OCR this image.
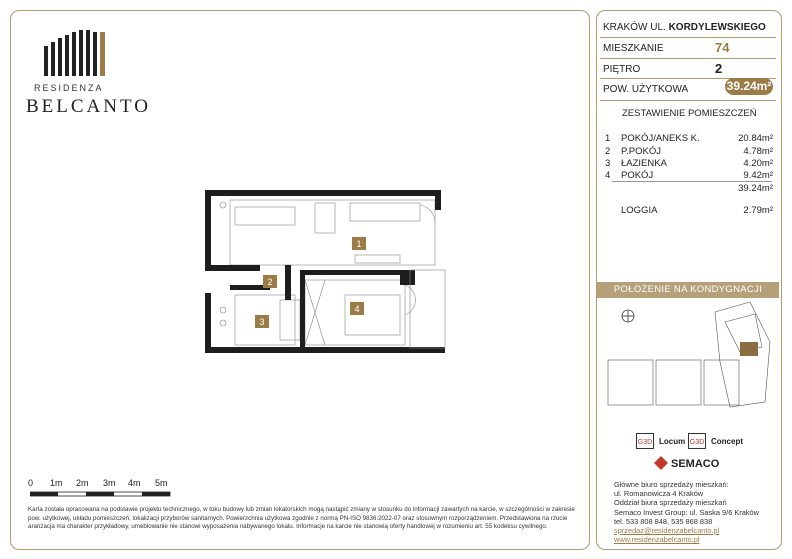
RESIDENZA
BELCANTO
1
2
3
4
0 1m 2m 3m 4m 5m
Karta została opracowana na podstawie projektu technicznego, w toku budowy lub zmian lokatorskich mogą nastąpić zmiany w stosunku do informacji zawartych na karcie, w szczególności w zakresie pow. użytkowej, układu pomieszczeń, lokalizacji przyborów sanitarnych. Powierzchnia użytkowa zgodnie z normą PN-ISO 9836:2022-07 oraz stosownym rozporządzeniem. Przedstawiona na rzucie aranżacja ma charakter przykładowy, umeblowanie nie stanowi wyposażenia nabywanego lokalu. Informacje na karcie nie stanowią oferty handlowej w rozumieniu art. 55 kodeksu cywilnego.
KRAKÓW UL. KORDYLEWSKIEGO
MIESZKANIE	74
PIĘTRO	2
POW. UŻYTKOWA	39.24m²
ZESTAWIENIE POMIESZCZEŃ
1 POKÓJ/ANEKS K.	20.84m²
2 P.POKÓJ	4.78m²
3 ŁAZIENKA	4.20m²
4 POKÓJ	9.42m²
39.24m²
LOGGIA	2.79m²
POŁOŻENIE NA KONDYGNACJI
G3D Locum G3D Concept
SEMACO
Główne biuro sprzedaży mieszkań:
ul. Romanowicza 4 Kraków
Oddział biura sprzedaży mieszkań
Semaco Invest Group: ul. Saska 9/6 Kraków
tel. 533 808 848, 535 868 838
sprzedaz@residenzabelcanto.pl
www.residenzabelcanto.pl
